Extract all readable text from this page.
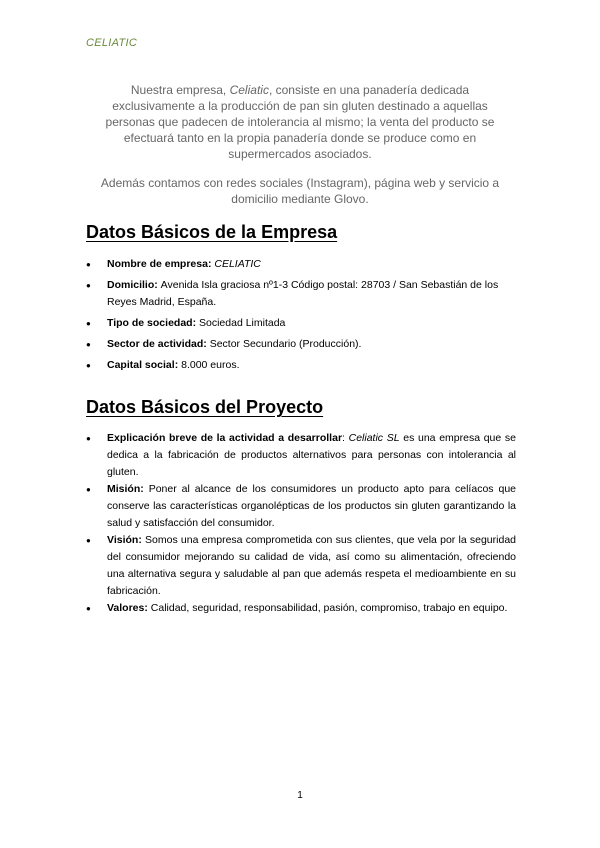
CELIATIC

Nuestra empresa, Celiatic, consiste en una panadería dedicada exclusivamente a la producción de pan sin gluten destinado a aquellas personas que padecen de intolerancia al mismo; la venta del producto se efectuará tanto en la propia panadería donde se produce como en supermercados asociados.

Además contamos con redes sociales (Instagram), página web y servicio a domicilio mediante Glovo.

Datos Básicos de la Empresa
● Nombre de empresa: CELIATIC
● Domicilio: Avenida Isla graciosa nº1-3 Código postal: 28703 / San Sebastián de los Reyes Madrid, España.
● Tipo de sociedad: Sociedad Limitada
● Sector de actividad: Sector Secundario (Producción).
● Capital social: 8.000 euros.
Datos Básicos del Proyecto
● Explicación breve de la actividad a desarrollar: Celiatic SL es una empresa que se dedica a la fabricación de productos alternativos para personas con intolerancia al gluten.
● Misión: Poner al alcance de los consumidores un producto apto para celíacos que conserve las características organolépticas de los productos sin gluten garantizando la salud y satisfacción del consumidor.
● Visión: Somos una empresa comprometida con sus clientes, que vela por la seguridad del consumidor mejorando su calidad de vida, así como su alimentación, ofreciendo una alternativa segura y saludable al pan que además respeta el medioambiente en su fabricación.
● Valores: Calidad, seguridad, responsabilidad, pasión, compromiso, trabajo en equipo.
1
